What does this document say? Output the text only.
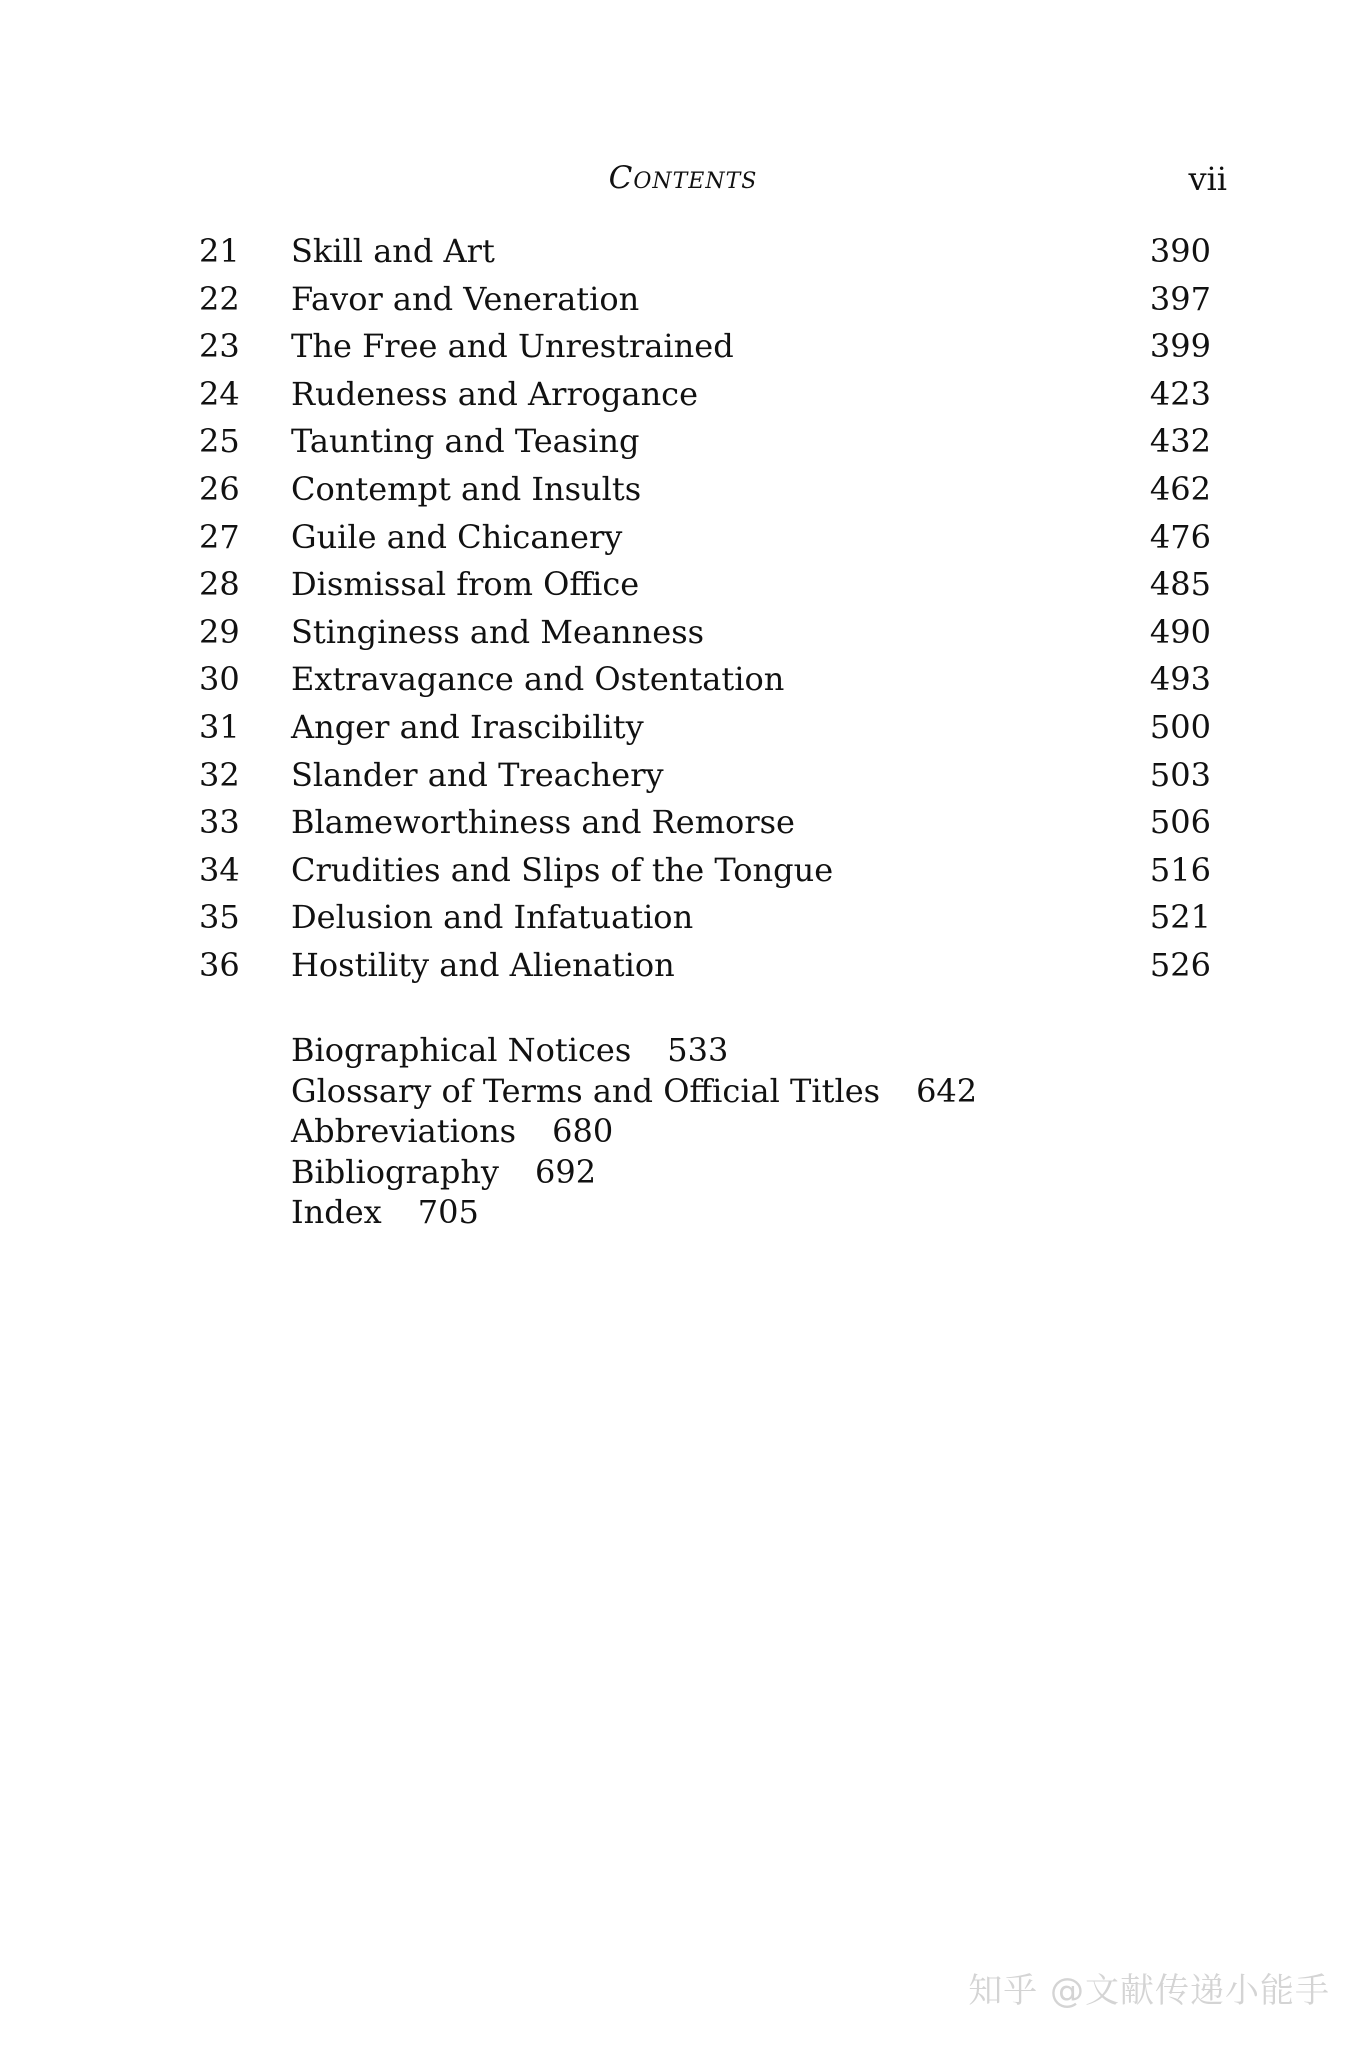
Contents	vii
21 Skill and Art	390
22 Favor and Veneration	397
23 The Free and Unrestrained	399
24 Rudeness and Arrogance	423
25 Taunting and Teasing	432
26 Contempt and Insults	462
27 Guile and Chicanery	476
28 Dismissal from Office	485
29 Stinginess and Meanness	490
30 Extravagance and Ostentation	493
31 Anger and Irascibility	500
32 Slander and Treachery	503
33 Blameworthiness and Remorse	506
34 Crudities and Slips of the Tongue	516
35 Delusion and Infatuation	521
36 Hostility and Alienation	526
Biographical Notices 533
Glossary of Terms and Official Titles 642
Abbreviations 680
Bibliography 692
Index 705
知乎 @文献传递小能手
